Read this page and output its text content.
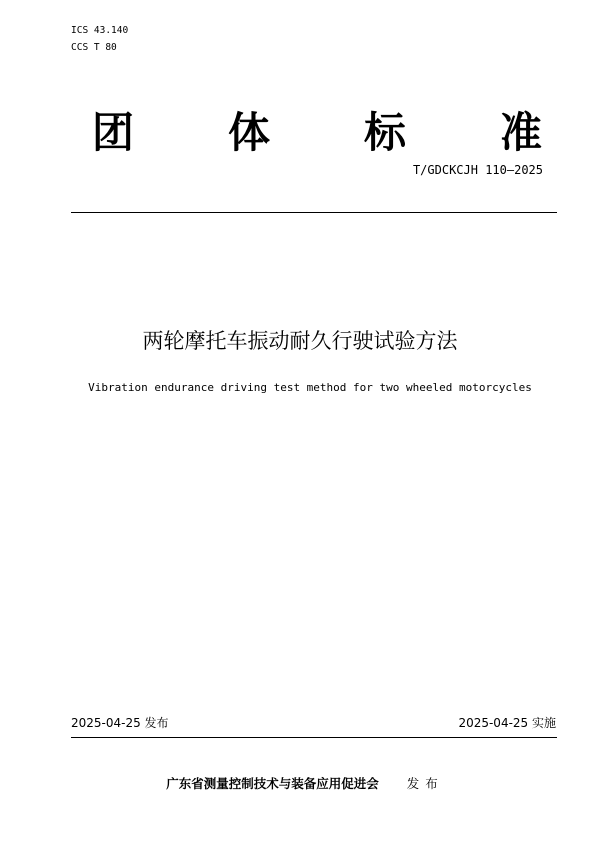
ICS 43.140
CCS T 80
团 体 标 准
T/GDCKCJH 110—2025
两轮摩托车振动耐久行驶试验方法
Vibration endurance driving test method for two wheeled motorcycles
2025-04-25 发布	2025-04-25 实施
广东省测量控制技术与装备应用促进会 发布
